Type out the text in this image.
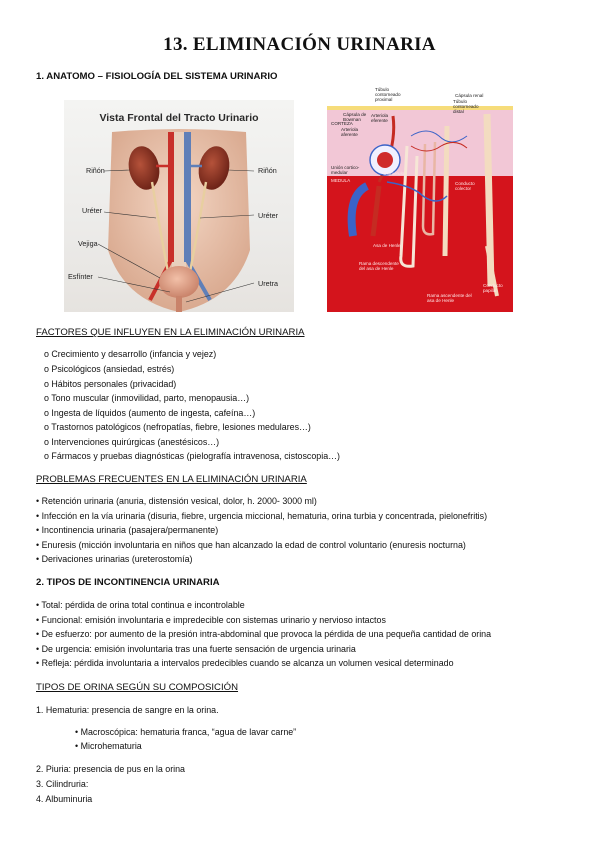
13. ELIMINACIÓN URINARIA
1. ANATOMO – FISIOLOGÍA DEL SISTEMA URINARIO
Vista Frontal del Tracto Urinario
Riñón	Riñón
Uréter
Uréter
Vejiga
Esfínter
Uretra
Túbulo contorneado proximal
Cápsula renal
Túbulo contorneado distal
Cápsula de Bowman
CORTEZA
Arteriola eferente
Arteriola aferente
Unión cortico-medular	Glomérulo
MEDULA
Conducto colector
Asa de Henle
Rama descendente del asa de Henle
Rama ascendente del asa de Henle
Conducto papilar
FACTORES QUE INFLUYEN EN LA ELIMINACIÓN URINARIA
o Crecimiento y desarrollo (infancia y vejez)
o Psicológicos (ansiedad, estrés)
o Hábitos personales (privacidad)
o Tono muscular (inmovilidad, parto, menopausia…)
o Ingesta de líquidos (aumento de ingesta, cafeína…)
o Trastornos patológicos (nefropatías, fiebre, lesiones medulares…)
o Intervenciones quirúrgicas (anestésicos…)
o Fármacos y pruebas diagnósticas (pielografía intravenosa, cistoscopia…)
PROBLEMAS FRECUENTES EN LA ELIMINACIÓN URINARIA
• Retención urinaria (anuria, distensión vesical, dolor, h. 2000- 3000 ml)
• Infección en la vía urinaria (disuria, fiebre, urgencia miccional, hematuria, orina turbia y concentrada, pielonefritis)
• Incontinencia urinaria (pasajera/permanente)
• Enuresis (micción involuntaria en niños que han alcanzado la edad de control voluntario (enuresis nocturna)
• Derivaciones urinarias (ureterostomía)
2. TIPOS DE INCONTINENCIA URINARIA
• Total: pérdida de orina total continua e incontrolable
• Funcional: emisión involuntaria e impredecible con sistemas urinario y nervioso intactos
• De esfuerzo: por aumento de la presión intra-abdominal que provoca la pérdida de una pequeña cantidad de orina
• De urgencia: emisión involuntaria tras una fuerte sensación de urgencia urinaria
• Refleja: pérdida involuntaria a intervalos predecibles cuando se alcanza un volumen vesical determinado
TIPOS DE ORINA SEGÚN SU COMPOSICIÓN
1. Hematuria: presencia de sangre en la orina.
• Macroscópica: hematuria franca, “agua de lavar carne”
• Microhematuria
2. Piuria: presencia de pus en la orina
3. Cilindruria:
4. Albuminuria
